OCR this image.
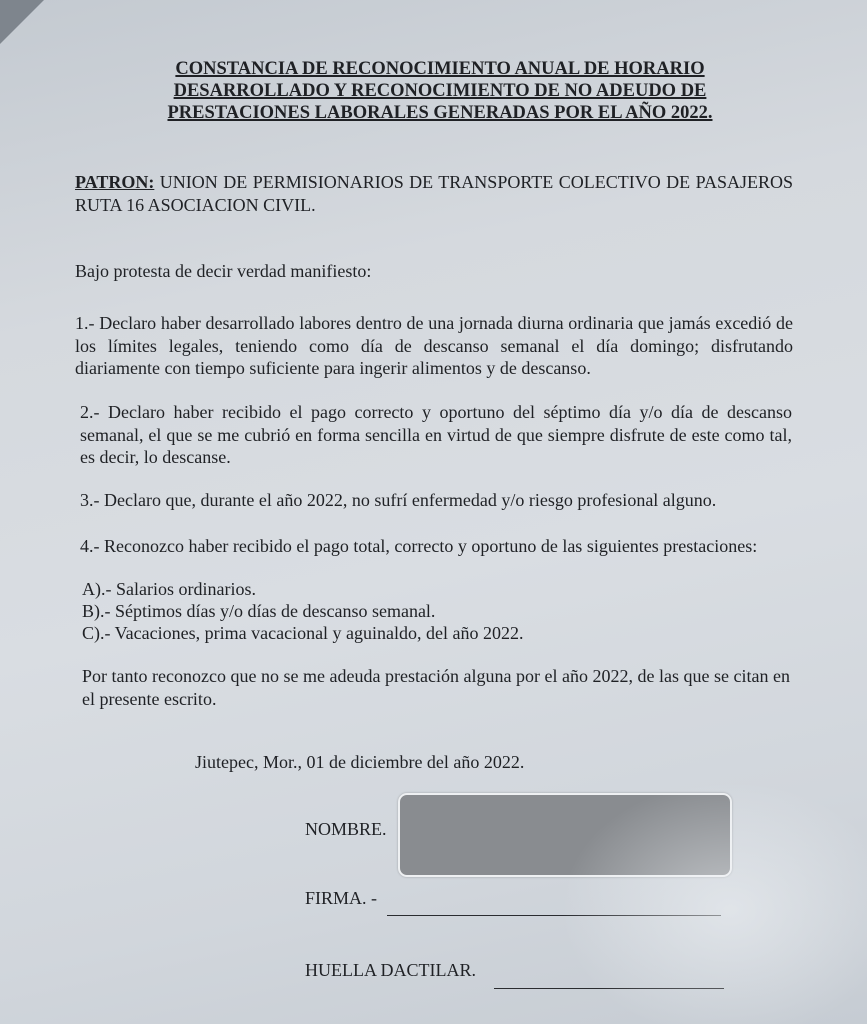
CONSTANCIA DE RECONOCIMIENTO ANUAL DE HORARIO
DESARROLLADO Y RECONOCIMIENTO DE NO ADEUDO DE
PRESTACIONES LABORALES GENERADAS POR EL AÑO 2022.
PATRON: UNION DE PERMISIONARIOS DE TRANSPORTE COLECTIVO DE PASAJEROS RUTA 16 ASOCIACION CIVIL.
Bajo protesta de decir verdad manifiesto:
1.- Declaro haber desarrollado labores dentro de una jornada diurna ordinaria que jamás excedió de los límites legales, teniendo como día de descanso semanal el día domingo; disfrutando diariamente con tiempo suficiente para ingerir alimentos y de descanso.
2.- Declaro haber recibido el pago correcto y oportuno del séptimo día y/o día de descanso semanal, el que se me cubrió en forma sencilla en virtud de que siempre disfrute de este como tal, es decir, lo descanse.
3.- Declaro que, durante el año 2022, no sufrí enfermedad y/o riesgo profesional alguno.
4.- Reconozco haber recibido el pago total, correcto y oportuno de las siguientes prestaciones:
A).- Salarios ordinarios.
B).- Séptimos días y/o días de descanso semanal.
C).- Vacaciones, prima vacacional y aguinaldo, del año 2022.
Por tanto reconozco que no se me adeuda prestación alguna por el año 2022, de las que se citan en el presente escrito.
Jiutepec, Mor., 01 de diciembre del año 2022.
NOMBRE.
FIRMA. -
HUELLA DACTILAR.
